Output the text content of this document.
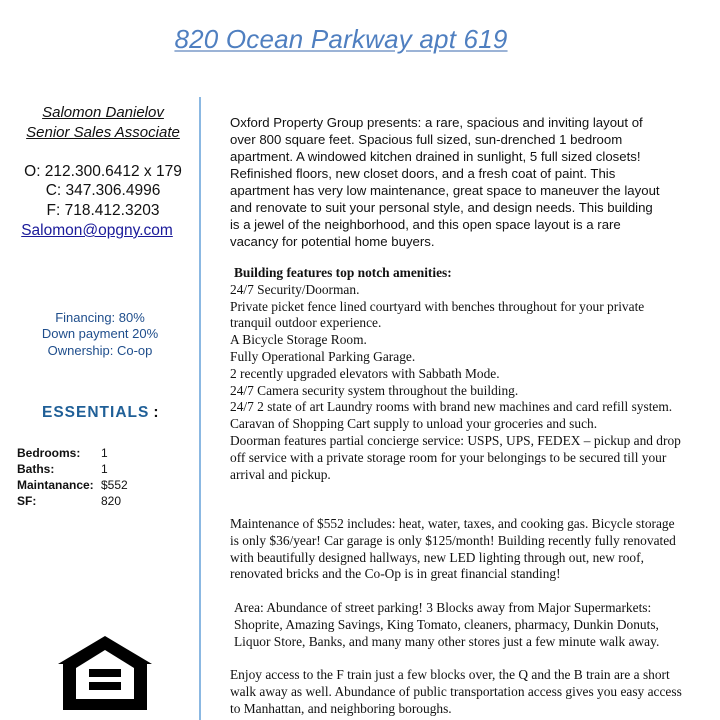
820 Ocean Parkway apt 619
Salomon Danielov
Senior Sales Associate
O: 212.300.6412 x 179
C: 347.306.4996
F: 718.412.3203
Salomon@opgny.com
Financing: 80%
Down payment 20%
Ownership: Co-op
ESSENTIALS :
Bedrooms:	1
Baths:	1
Maintanance: $552
SF:	820
Oxford Property Group presents: a rare, spacious and inviting layout of over 800 square feet. Spacious full sized, sun-drenched 1 bedroom apartment. A windowed kitchen drained in sunlight, 5 full sized closets! Refinished floors, new closet doors, and a fresh coat of paint. This apartment has very low maintenance, great space to maneuver the layout and renovate to suit your personal style, and design needs. This building is a jewel of the neighborhood, and this open space layout is a rare vacancy for potential home buyers.
Building features top notch amenities:
24/7 Security/Doorman.
Private picket fence lined courtyard with benches throughout for your private tranquil outdoor experience.
A Bicycle Storage Room.
Fully Operational Parking Garage.
2 recently upgraded elevators with Sabbath Mode.
24/7 Camera security system throughout the building.
24/7 2 state of art Laundry rooms with brand new machines and card refill system.
Caravan of Shopping Cart supply to unload your groceries and such.
Doorman features partial concierge service: USPS, UPS, FEDEX – pickup and drop off service with a private storage room for your belongings to be secured till your arrival and pickup.
Maintenance of $552 includes: heat, water, taxes, and cooking gas. Bicycle storage is only $36/year! Car garage is only $125/month! Building recently fully renovated with beautifully designed hallways, new LED lighting through out, new roof, renovated bricks and the Co-Op is in great financial standing!
Area: Abundance of street parking! 3 Blocks away from Major Supermarkets: Shoprite, Amazing Savings, King Tomato, cleaners, pharmacy, Dunkin Donuts, Liquor Store, Banks, and many many other stores just a few minute walk away.
Enjoy access to the F train just a few blocks over, the Q and the B train are a short walk away as well. Abundance of public transportation access gives you easy access to Manhattan, and neighboring boroughs.
